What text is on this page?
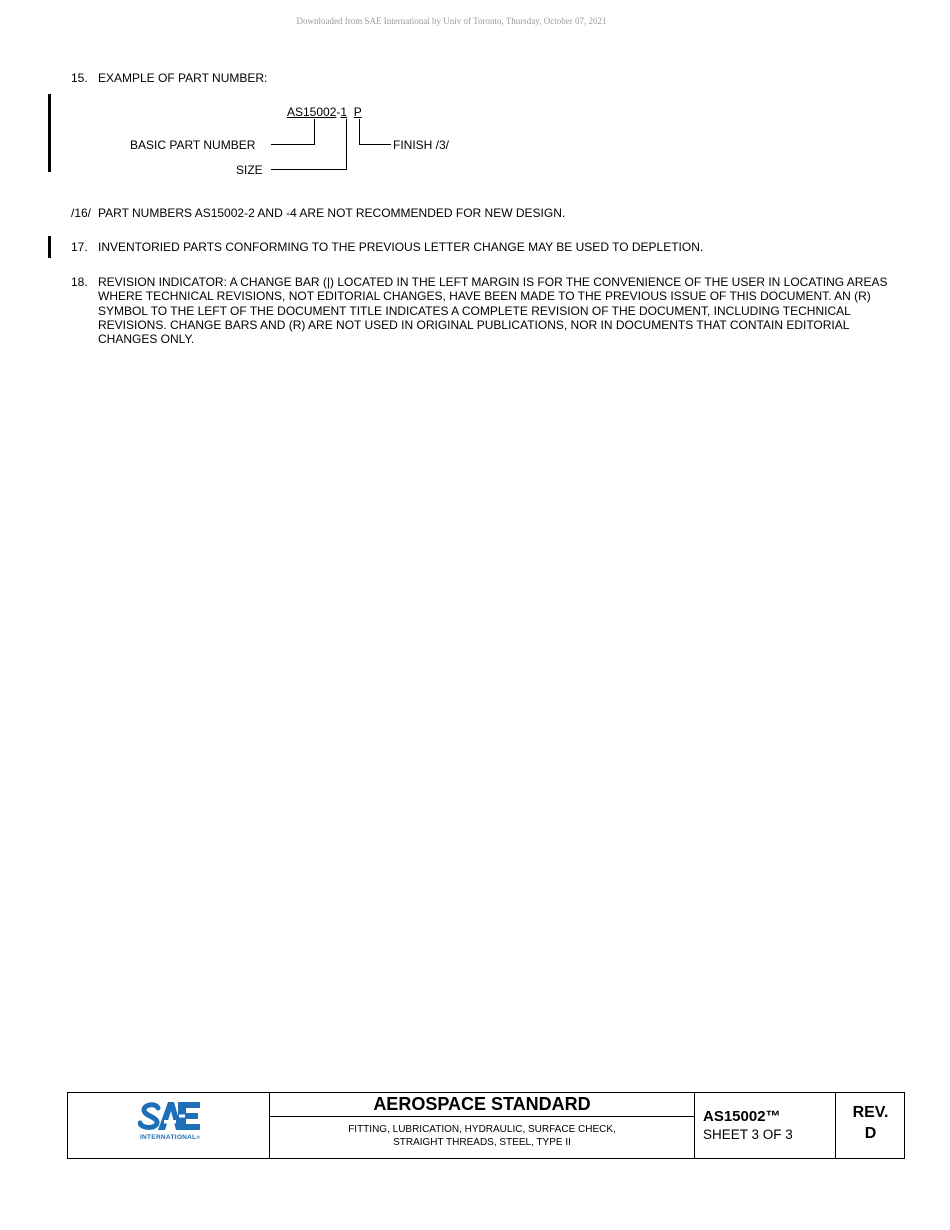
Downloaded from SAE International by Univ of Toronto, Thursday, October 07, 2021
15. EXAMPLE OF PART NUMBER:
AS15002-1 P
BASIC PART NUMBER
SIZE
FINISH /3/
/16/ PART NUMBERS AS15002-2 AND -4 ARE NOT RECOMMENDED FOR NEW DESIGN.
17. INVENTORIED PARTS CONFORMING TO THE PREVIOUS LETTER CHANGE MAY BE USED TO DEPLETION.
18. REVISION INDICATOR: A CHANGE BAR (|) LOCATED IN THE LEFT MARGIN IS FOR THE CONVENIENCE OF THE USER IN LOCATING AREAS WHERE TECHNICAL REVISIONS, NOT EDITORIAL CHANGES, HAVE BEEN MADE TO THE PREVIOUS ISSUE OF THIS DOCUMENT. AN (R) SYMBOL TO THE LEFT OF THE DOCUMENT TITLE INDICATES A COMPLETE REVISION OF THE DOCUMENT, INCLUDING TECHNICAL REVISIONS. CHANGE BARS AND (R) ARE NOT USED IN ORIGINAL PUBLICATIONS, NOR IN DOCUMENTS THAT CONTAIN EDITORIAL CHANGES ONLY.
INTERNATIONAL®
AEROSPACE STANDARD
FITTING, LUBRICATION, HYDRAULIC, SURFACE CHECK,
STRAIGHT THREADS, STEEL, TYPE II
AS15002™
SHEET 3 OF 3
REV.
D
